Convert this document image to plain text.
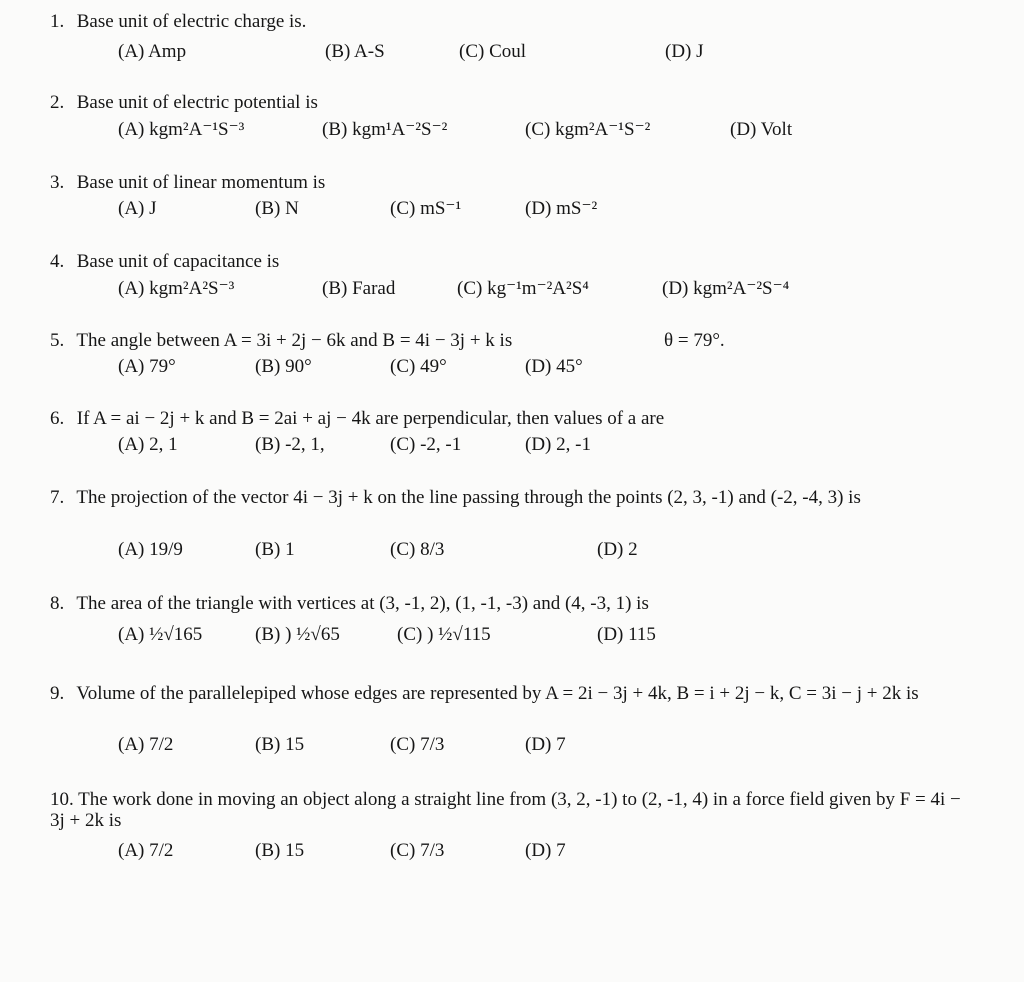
1. Base unit of electric charge is.
(A) Amp	(B) A-S	(C) Coul	(D) J
2. Base unit of electric potential is
(A) kgm²A⁻¹S⁻³	(B) kgm¹A⁻²S⁻²	(C) kgm²A⁻¹S⁻²	(D) Volt
3. Base unit of linear momentum is
(A) J	(B) N	(C) mS⁻¹	(D) mS⁻²
4. Base unit of capacitance is
(A) kgm²A²S⁻³	(B) Farad	(C) kg⁻¹m⁻²A²S⁴	(D) kgm²A⁻²S⁻⁴
5. The angle between A = 3i + 2j − 6k and B = 4i − 3j + k is	θ = 79°.
(A) 79°	(B) 90°	(C) 49°	(D) 45°
6. If A = ai − 2j + k and B = 2ai + aj − 4k are perpendicular, then values of a are
(A) 2, 1	(B) -2, 1,	(C) -2, -1	(D) 2, -1
7. The projection of the vector 4i − 3j + k on the line passing through the points (2, 3, -1) and (-2, -4, 3) is
(A) 19/9	(B) 1	(C) 8/3	(D) 2
8. The area of the triangle with vertices at (3, -1, 2), (1, -1, -3) and (4, -3, 1) is
(A) ½√165	(B) ) ½√65	(C) ) ½√115	(D) 115
9. Volume of the parallelepiped whose edges are represented by A = 2i − 3j + 4k, B = i + 2j − k, C = 3i − j + 2k is
(A) 7/2	(B) 15	(C) 7/3	(D) 7
10. The work done in moving an object along a straight line from (3, 2, -1) to (2, -1, 4) in a force field given by F = 4i − 3j + 2k is
(A) 7/2	(B) 15	(C) 7/3	(D) 7
